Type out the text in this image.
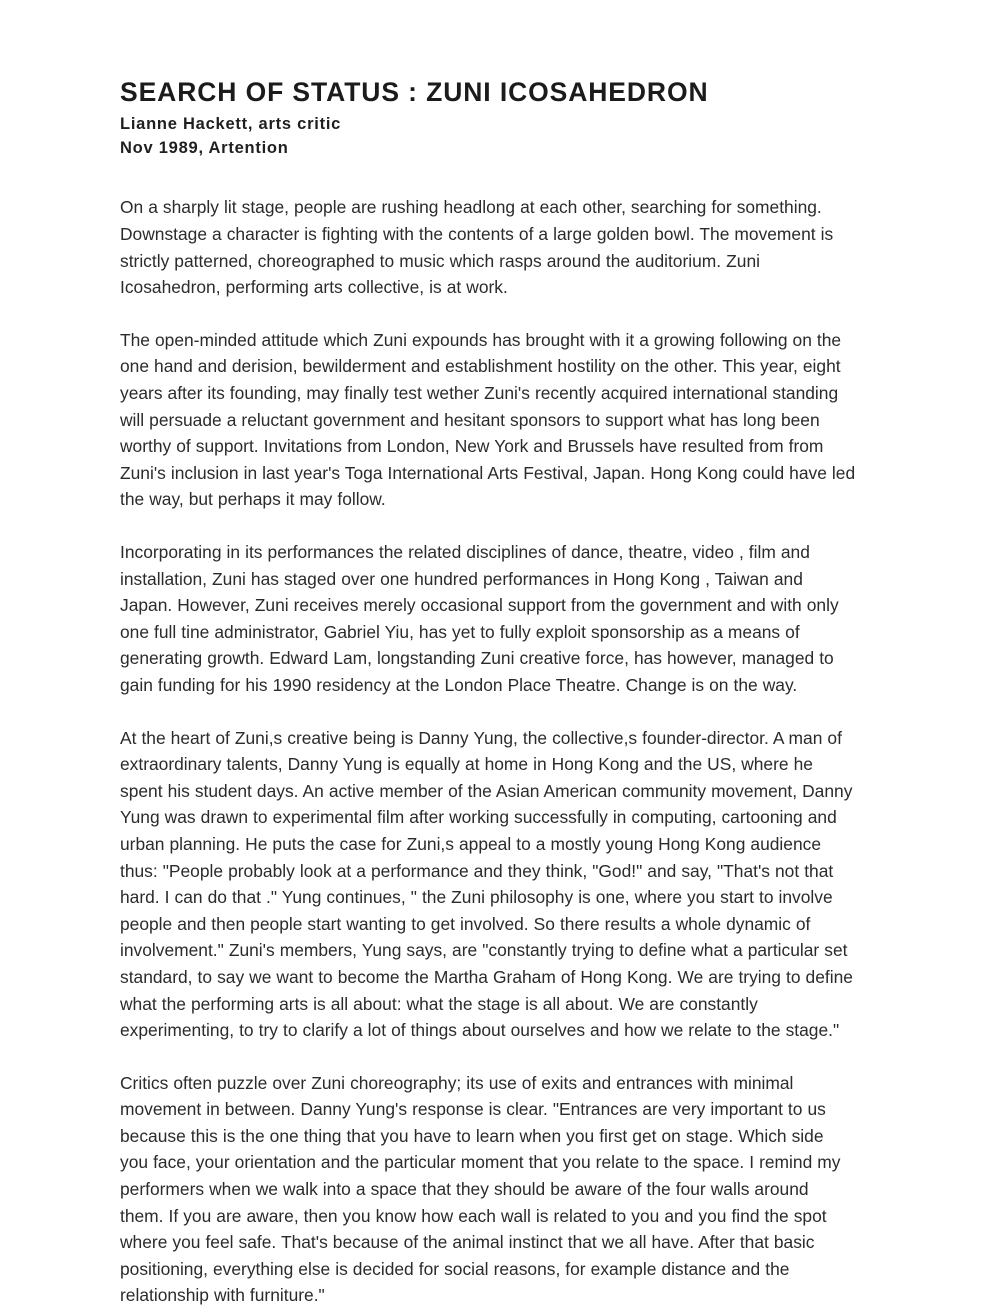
SEARCH OF STATUS : ZUNI ICOSAHEDRON

Lianne Hackett, arts critic

Nov 1989, Artention

On a sharply lit stage, people are rushing headlong at each other, searching for something. Downstage a character is fighting with the contents of a large golden bowl. The movement is strictly patterned, choreographed to music which rasps around the auditorium. Zuni Icosahedron, performing arts collective, is at work.

The open-minded attitude which Zuni expounds has brought with it a growing following on the one hand and derision, bewilderment and establishment hostility on the other. This year, eight years after its founding, may finally test wether Zuni's recently acquired international standing will persuade a reluctant government and hesitant sponsors to support what has long been worthy of support. Invitations from London, New York and Brussels have resulted from from Zuni's inclusion in last year's Toga International Arts Festival, Japan. Hong Kong could have led the way, but perhaps it may follow.

Incorporating in its performances the related disciplines of dance, theatre, video , film and installation, Zuni has staged over one hundred performances in Hong Kong , Taiwan and Japan. However, Zuni receives merely occasional support from the government and with only one full tine administrator, Gabriel Yiu, has yet to fully exploit sponsorship as a means of generating growth. Edward Lam, longstanding Zuni creative force, has however, managed to gain funding for his 1990 residency at the London Place Theatre. Change is on the way.

At the heart of Zuni,s creative being is Danny Yung, the collective,s founder-director. A man of extraordinary talents, Danny Yung is equally at home in Hong Kong and the US, where he spent his student days. An active member of the Asian American community movement, Danny Yung was drawn to experimental film after working successfully in computing, cartooning and urban planning. He puts the case for Zuni,s appeal to a mostly young Hong Kong audience thus: "People probably look at a performance and they think, "God!" and say, "That's not that hard. I can do that ." Yung continues, " the Zuni philosophy is one, where you start to involve people and then people start wanting to get involved. So there results a whole dynamic of involvement." Zuni's members, Yung says, are "constantly trying to define what a particular set standard, to say we want to become the Martha Graham of Hong Kong. We are trying to define what the performing arts is all about: what the stage is all about. We are constantly experimenting, to try to clarify a lot of things about ourselves and how we relate to the stage."

Critics often puzzle over Zuni choreography; its use of exits and entrances with minimal movement in between. Danny Yung's response is clear. "Entrances are very important to us because this is the one thing that you have to learn when you first get on stage. Which side you face, your orientation and the particular moment that you relate to the space. I remind my performers when we walk into a space that they should be aware of the four walls around them. If you are aware, then you know how each wall is related to you and you find the spot where you feel safe. That's because of the animal instinct that we all have. After that basic positioning, everything else is decided for social reasons, for example distance and the relationship with furniture."
